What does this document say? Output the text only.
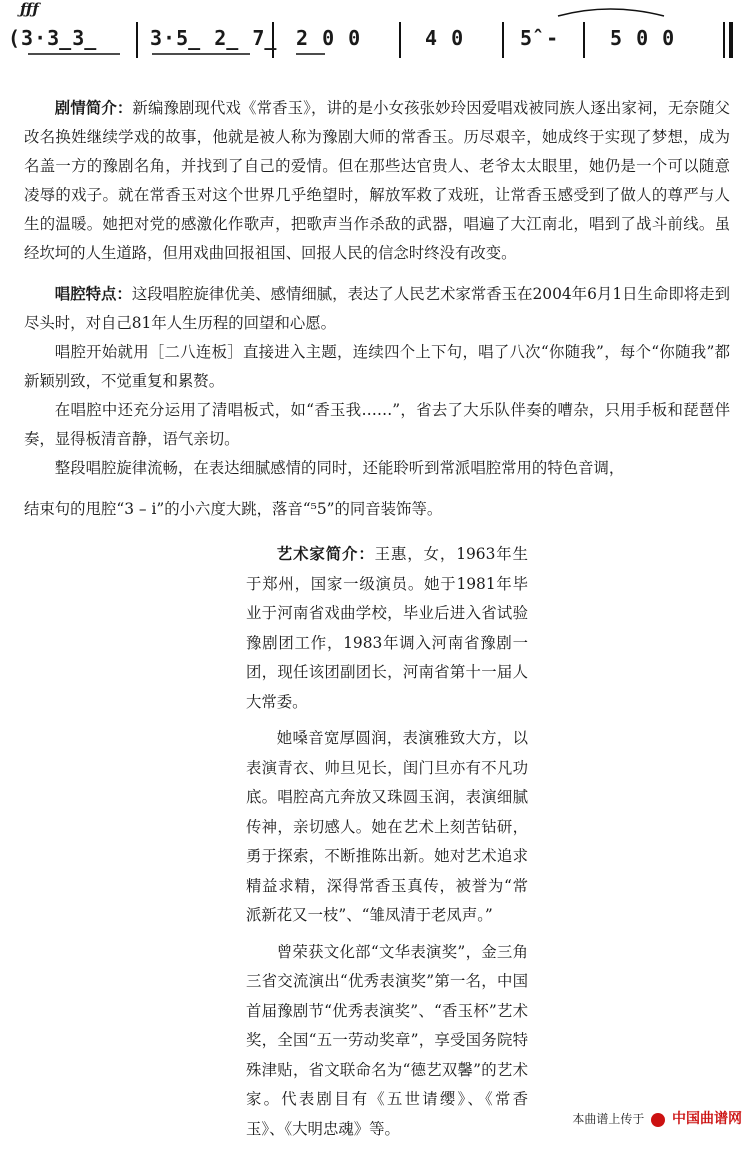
ƒƒƒ
(3·3̲3̲	3·5̲ 2̲ 7̲ 2 0 0	4 0	5̂ -	5 0 0

剧情简介：新编豫剧现代戏《常香玉》，讲的是小女孩张妙玲因爱唱戏被同族人逐出家祠，无奈随父改名换姓继续学戏的故事，他就是被人称为豫剧大师的常香玉。历尽艰辛，她成终于实现了梦想，成为名盖一方的豫剧名角，并找到了自己的爱情。但在那些达官贵人、老爷太太眼里，她仍是一个可以随意凌辱的戏子。就在常香玉对这个世界几乎绝望时，解放军救了戏班，让常香玉感受到了做人的尊严与人生的温暖。她把对党的感激化作歌声，把歌声当作杀敌的武器，唱遍了大江南北，唱到了战斗前线。虽经坎坷的人生道路，但用戏曲回报祖国、回报人民的信念时终没有改变。

唱腔特点：这段唱腔旋律优美、感情细腻，表达了人民艺术家常香玉在2004年6月1日生命即将走到尽头时，对自己81年人生历程的回望和心愿。

唱腔开始就用［二八连板］直接进入主题，连续四个上下句，唱了八次“你随我”，每个“你随我”都新颖别致，不觉重复和累赘。

在唱腔中还充分运用了清唱板式，如“香玉我……”，省去了大乐队伴奏的嘈杂，只用手板和琵琶伴奏，显得板清音静，语气亲切。

整段唱腔旋律流畅，在表达细腻感情的同时，还能聆听到常派唱腔常用的特色音调，

结束句的甩腔“3 – i”的小六度大跳，落音“⁵5”的同音装饰等。

艺术家简介：王惠，女，1963年生于郑州，国家一级演员。她于1981年毕业于河南省戏曲学校，毕业后进入省试验豫剧团工作，1983年调入河南省豫剧一团，现任该团副团长，河南省第十一届人大常委。

她嗓音宽厚圆润，表演雅致大方，以表演青衣、帅旦见长，闺门旦亦有不凡功底。唱腔高亢奔放又珠圆玉润，表演细腻传神，亲切感人。她在艺术上刻苦钻研，勇于探索，不断推陈出新。她对艺术追求精益求精，深得常香玉真传，被誉为“常派新花又一枝”、“雏凤清于老凤声。”

曾荣获文化部“文华表演奖”，金三角三省交流演出“优秀表演奖”第一名，中国首届豫剧节“优秀表演奖”、“香玉杯”艺术奖，全国“五一劳动奖章”，享受国务院特殊津贴，省文联命名为“德艺双馨”的艺术家。代表剧目有《五世请缨》、《常香玉》、《大明忠魂》等。

本曲谱上传于 中国曲谱网
